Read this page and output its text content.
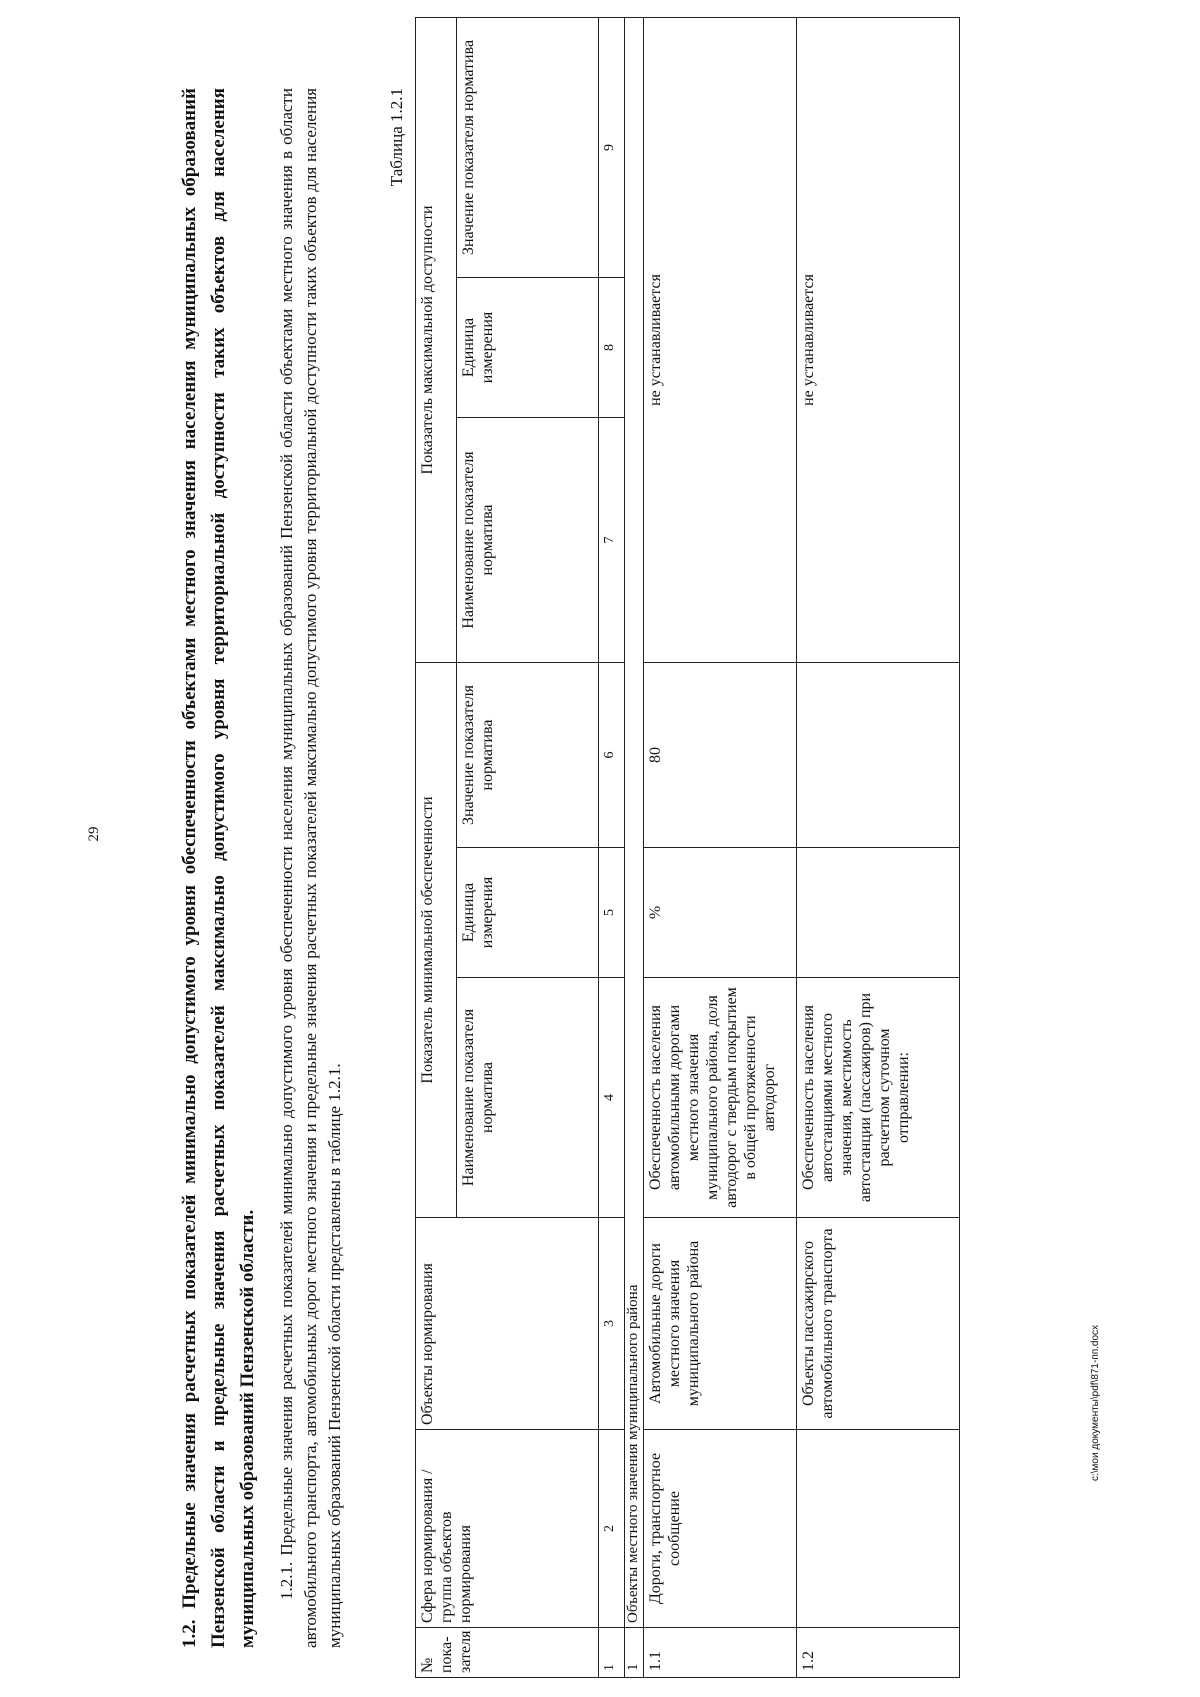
29
c:\мои документы\pdf\871-пп.docx

1.2. Предельные значения расчетных показателей минимально допустимого уровня обеспеченности объектами местного значения населения муниципальных образований Пензенской области и предельные значения расчетных показателей максимально допустимого уровня территориальной доступности таких объектов для населения муниципальных образований Пензенской области. 1.2.1. Предельные значения расчетных показателей минимально допустимого уровня обеспеченности населения муниципальных образований Пензенской области объектами местного значения в области автомобильного транспорта, автомобильных дорог местного значения и предельные значения расчетных показателей максимально допустимого уровня территориальной доступности таких объектов для населения муниципальных образований Пензенской области представлены в таблице 1.2.1.

Таблица 1.2.1
№ пока-зателя	Сфера нормирования / группа объектов нормирования	Объекты нормирования	Показатель минимальной обеспеченности			Показатель максимальной доступности		
			Наименование показателя норматива	Единица измерения	Значение показателя норматива	Наименование показателя норматива	Единица измерения	Значение показателя норматива
1	2	3	4	5	6	7	8	9
1	Объекты местного значения муниципального района							
1.1	Дороги, транспортное сообщение	Автомобильные дороги местного значения муниципального района	Обеспеченность населения автомобильными дорогами местного значения муниципального района, доля автодорог с твердым покрытием в общей протяженности автодорог	%	80	не устанавливается		
1.2		Объекты пассажирского автомобильного транспорта	Обеспеченность населения автостанциями местного значения, вместимость автостанции (пассажиров) при расчетном суточном отправлении:			не устанавливается		
